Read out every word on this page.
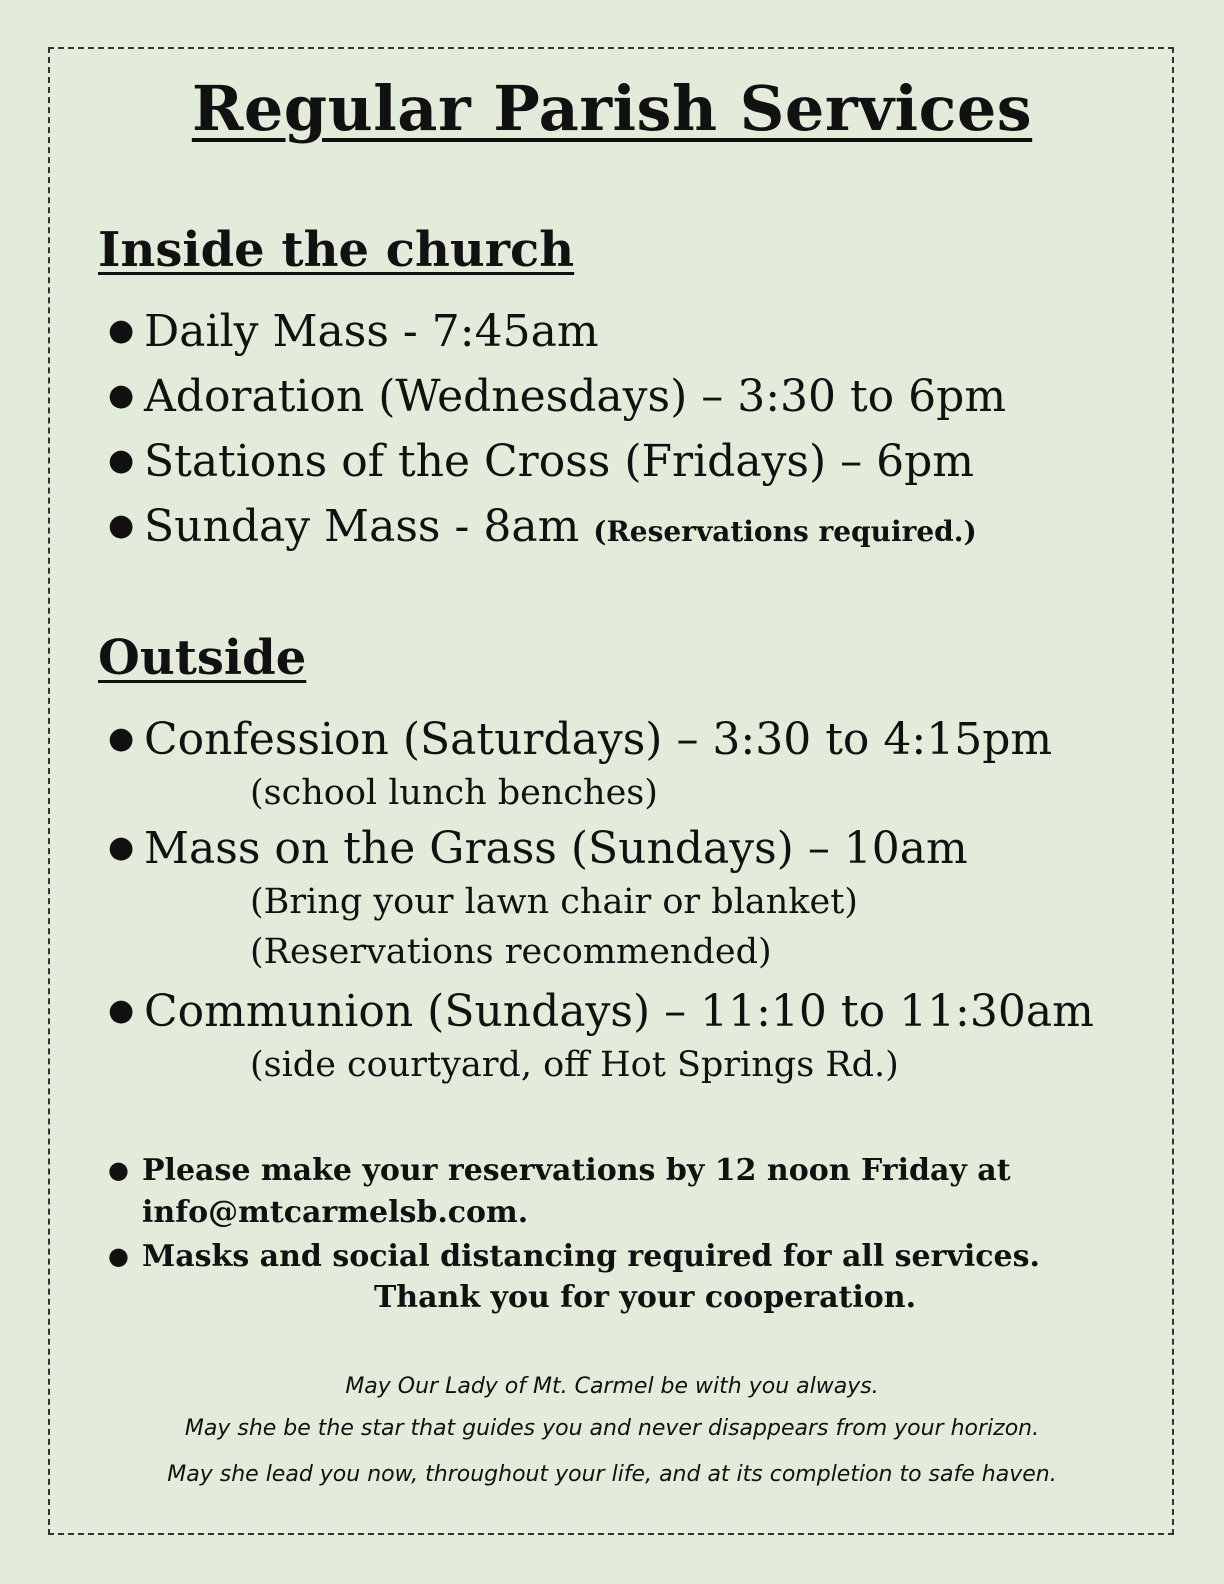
Regular Parish Services
Inside the church
● Daily Mass - 7:45am
● Adoration (Wednesdays) – 3:30 to 6pm
● Stations of the Cross (Fridays) – 6pm
● Sunday Mass - 8am (Reservations required.)
Outside
● Confession (Saturdays) – 3:30 to 4:15pm
(school lunch benches)
● Mass on the Grass (Sundays) – 10am
(Bring your lawn chair or blanket)
(Reservations recommended)
● Communion (Sundays) – 11:10 to 11:30am
(side courtyard, off Hot Springs Rd.)
● Please make your reservations by 12 noon Friday at
info@mtcarmelsb.com.
● Masks and social distancing required for all services.
Thank you for your cooperation.
May Our Lady of Mt. Carmel be with you always.
May she be the star that guides you and never disappears from your horizon.
May she lead you now, throughout your life, and at its completion to safe haven.
